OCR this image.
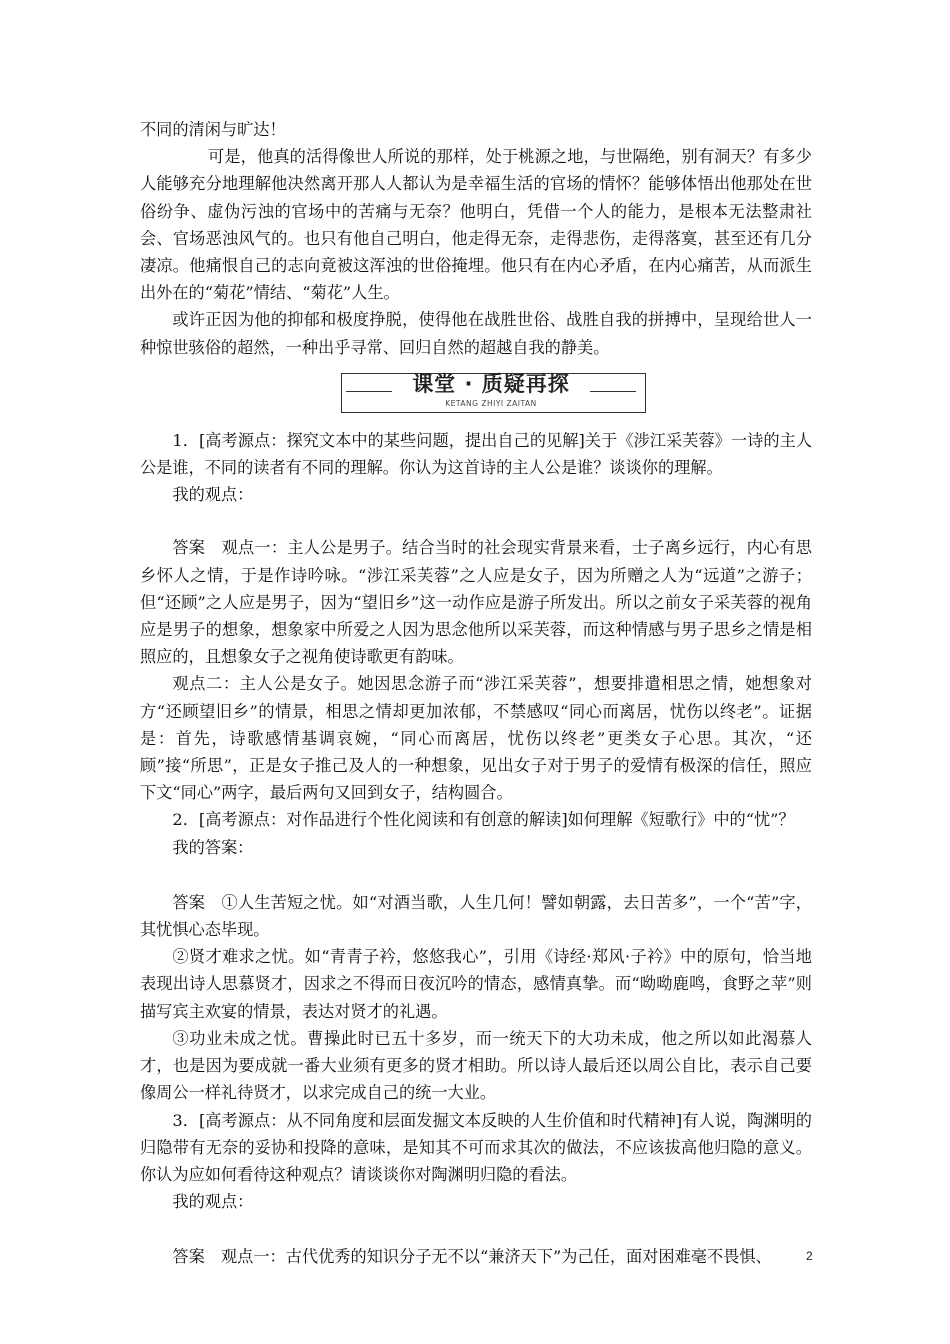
不同的清闲与旷达！

可是，他真的活得像世人所说的那样，处于桃源之地，与世隔绝，别有洞天？有多少人能够充分地理解他决然离开那人人都认为是幸福生活的官场的情怀？能够体悟出他那处在世俗纷争、虚伪污浊的官场中的苦痛与无奈？他明白，凭借一个人的能力，是根本无法整肃社会、官场恶浊风气的。也只有他自己明白，他走得无奈，走得悲伤，走得落寞，甚至还有几分凄凉。他痛恨自己的志向竟被这浑浊的世俗掩埋。他只有在内心矛盾，在内心痛苦，从而派生出外在的“菊花”情结、“菊花”人生。

或许正因为他的抑郁和极度挣脱，使得他在战胜世俗、战胜自我的拼搏中，呈现给世人一种惊世骇俗的超然，一种出乎寻常、回归自然的超越自我的静美。

课堂 · 质疑再探
KETANG ZHIYI ZAITAN

1．[高考源点：探究文本中的某些问题，提出自己的见解]关于《涉江采芙蓉》一诗的主人公是谁，不同的读者有不同的理解。你认为这首诗的主人公是谁？谈谈你的理解。

我的观点：

答案　观点一：主人公是男子。结合当时的社会现实背景来看，士子离乡远行，内心有思乡怀人之情，于是作诗吟咏。“涉江采芙蓉”之人应是女子，因为所赠之人为“远道”之游子；但“还顾”之人应是男子，因为“望旧乡”这一动作应是游子所发出。所以之前女子采芙蓉的视角应是男子的想象，想象家中所爱之人因为思念他所以采芙蓉，而这种情感与男子思乡之情是相照应的，且想象女子之视角使诗歌更有韵味。

观点二：主人公是女子。她因思念游子而“涉江采芙蓉”，想要排遣相思之情，她想象对方“还顾望旧乡”的情景，相思之情却更加浓郁，不禁感叹“同心而离居，忧伤以终老”。证据是：首先，诗歌感情基调哀婉，“同心而离居，忧伤以终老”更类女子心思。其次，“还顾”接“所思”，正是女子推己及人的一种想象，见出女子对于男子的爱情有极深的信任，照应下文“同心”两字，最后两句又回到女子，结构圆合。

2．[高考源点：对作品进行个性化阅读和有创意的解读]如何理解《短歌行》中的“忧”？

我的答案：

答案　①人生苦短之忧。如“对酒当歌，人生几何！譬如朝露，去日苦多”，一个“苦”字，其忧惧心态毕现。

②贤才难求之忧。如“青青子衿，悠悠我心”，引用《诗经·郑风·子衿》中的原句，恰当地表现出诗人思慕贤才，因求之不得而日夜沉吟的情态，感情真挚。而“呦呦鹿鸣，食野之苹”则描写宾主欢宴的情景，表达对贤才的礼遇。

③功业未成之忧。曹操此时已五十多岁，而一统天下的大功未成，他之所以如此渴慕人才，也是因为要成就一番大业须有更多的贤才相助。所以诗人最后还以周公自比，表示自己要像周公一样礼待贤才，以求完成自己的统一大业。

3．[高考源点：从不同角度和层面发掘文本反映的人生价值和时代精神]有人说，陶渊明的归隐带有无奈的妥协和投降的意味，是知其不可而求其次的做法，不应该拔高他归隐的意义。你认为应如何看待这种观点？请谈谈你对陶渊明归隐的看法。

我的观点：

答案　观点一：古代优秀的知识分子无不以“兼济天下”为己任，面对困难毫不畏惧、	2
